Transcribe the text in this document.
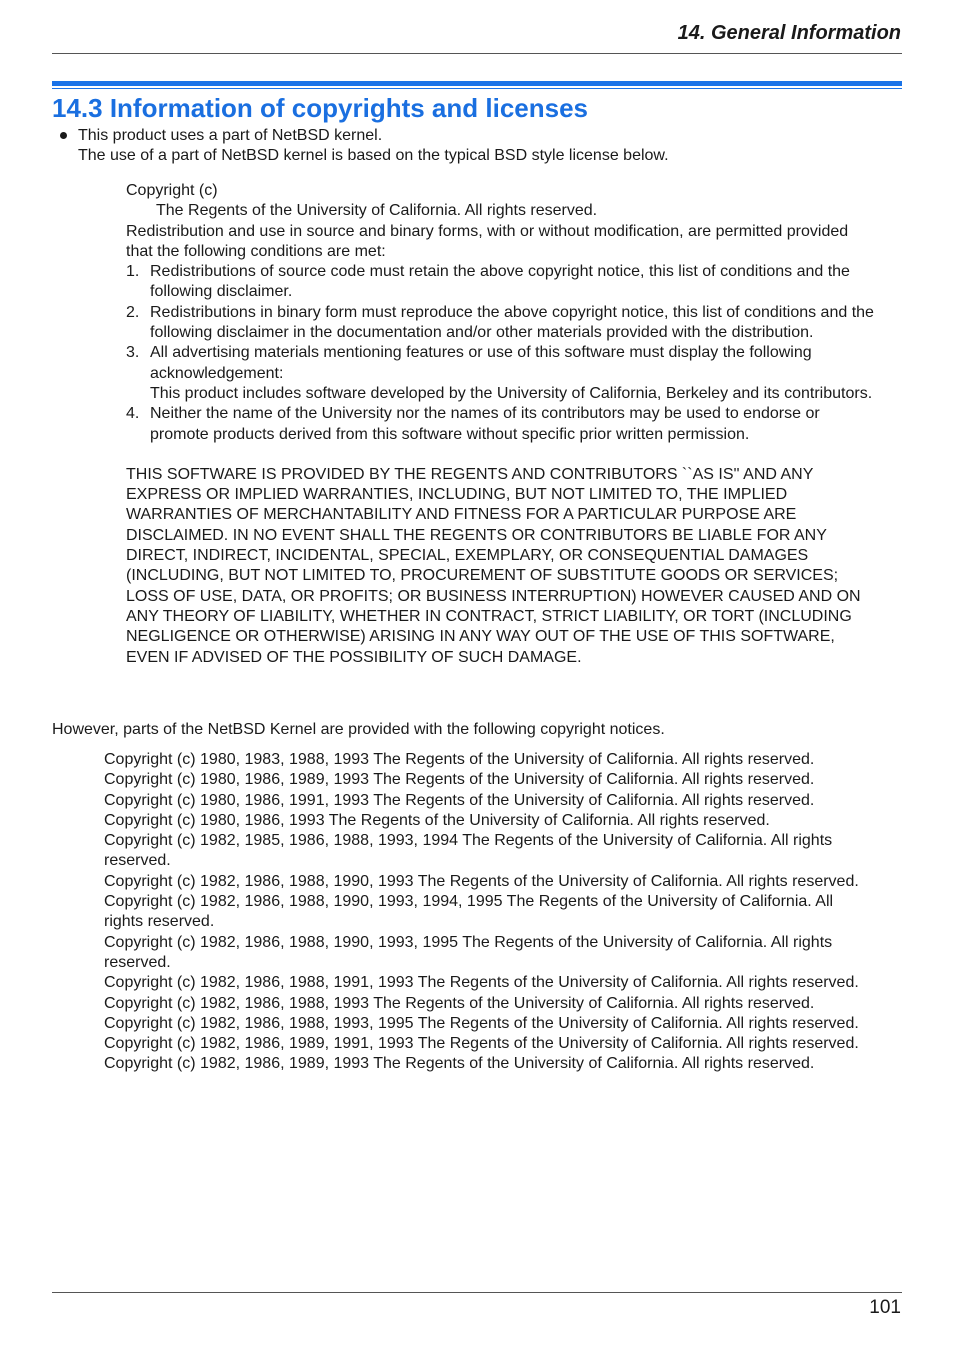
14. General Information
14.3 Information of copyrights and licenses
This product uses a part of NetBSD kernel.
The use of a part of NetBSD kernel is based on the typical BSD style license below.

Copyright (c)

The Regents of the University of California. All rights reserved.

Redistribution and use in source and binary forms, with or without modification, are permitted provided that the following conditions are met:

1. Redistributions of source code must retain the above copyright notice, this list of conditions and the following disclaimer.
2. Redistributions in binary form must reproduce the above copyright notice, this list of conditions and the following disclaimer in the documentation and/or other materials provided with the distribution.
3. All advertising materials mentioning features or use of this software must display the following acknowledgement:
This product includes software developed by the University of California, Berkeley and its contributors.
4. Neither the name of the University nor the names of its contributors may be used to endorse or promote products derived from this software without specific prior written permission.

THIS SOFTWARE IS PROVIDED BY THE REGENTS AND CONTRIBUTORS ``AS IS'' AND ANY EXPRESS OR IMPLIED WARRANTIES, INCLUDING, BUT NOT LIMITED TO, THE IMPLIED WARRANTIES OF MERCHANTABILITY AND FITNESS FOR A PARTICULAR PURPOSE ARE DISCLAIMED. IN NO EVENT SHALL THE REGENTS OR CONTRIBUTORS BE LIABLE FOR ANY DIRECT, INDIRECT, INCIDENTAL, SPECIAL, EXEMPLARY, OR CONSEQUENTIAL DAMAGES (INCLUDING, BUT NOT LIMITED TO, PROCUREMENT OF SUBSTITUTE GOODS OR SERVICES; LOSS OF USE, DATA, OR PROFITS; OR BUSINESS INTERRUPTION) HOWEVER CAUSED AND ON ANY THEORY OF LIABILITY, WHETHER IN CONTRACT, STRICT LIABILITY, OR TORT (INCLUDING NEGLIGENCE OR OTHERWISE) ARISING IN ANY WAY OUT OF THE USE OF THIS SOFTWARE, EVEN IF ADVISED OF THE POSSIBILITY OF SUCH DAMAGE.

However, parts of the NetBSD Kernel are provided with the following copyright notices.
Copyright (c) 1980, 1983, 1988, 1993 The Regents of the University of California. All rights reserved.
Copyright (c) 1980, 1986, 1989, 1993 The Regents of the University of California. All rights reserved.
Copyright (c) 1980, 1986, 1991, 1993 The Regents of the University of California. All rights reserved.
Copyright (c) 1980, 1986, 1993 The Regents of the University of California. All rights reserved.
Copyright (c) 1982, 1985, 1986, 1988, 1993, 1994 The Regents of the University of California. All rights reserved.
Copyright (c) 1982, 1986, 1988, 1990, 1993 The Regents of the University of California. All rights reserved.
Copyright (c) 1982, 1986, 1988, 1990, 1993, 1994, 1995 The Regents of the University of California. All rights reserved.
Copyright (c) 1982, 1986, 1988, 1990, 1993, 1995 The Regents of the University of California. All rights reserved.
Copyright (c) 1982, 1986, 1988, 1991, 1993 The Regents of the University of California. All rights reserved.
Copyright (c) 1982, 1986, 1988, 1993 The Regents of the University of California. All rights reserved.
Copyright (c) 1982, 1986, 1988, 1993, 1995 The Regents of the University of California. All rights reserved.
Copyright (c) 1982, 1986, 1989, 1991, 1993 The Regents of the University of California. All rights reserved.
Copyright (c) 1982, 1986, 1989, 1993 The Regents of the University of California. All rights reserved.
101
